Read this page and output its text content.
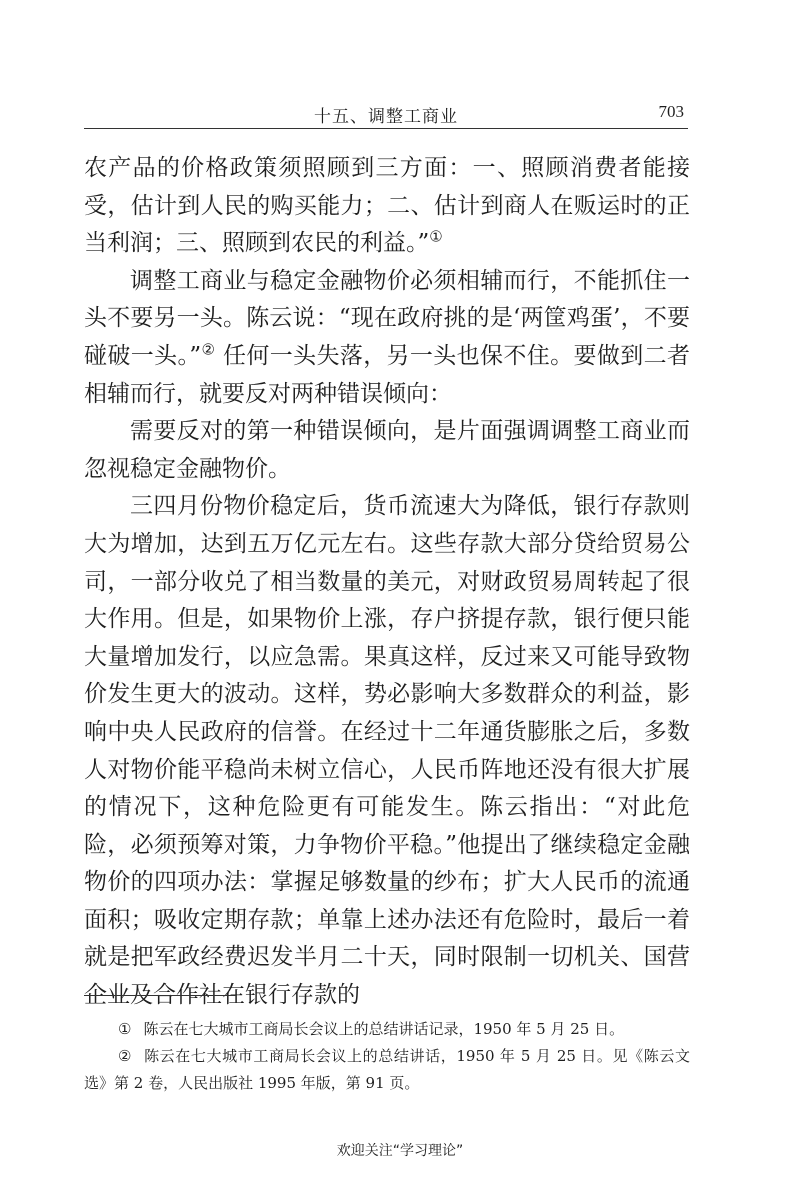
十五、调整工商业	703

农产品的价格政策须照顾到三方面：一、照顾消费者能接受，估计到人民的购买能力；二、估计到商人在贩运时的正当利润；三、照顾到农民的利益。”①

调整工商业与稳定金融物价必须相辅而行，不能抓住一头不要另一头。陈云说：“现在政府挑的是‘两筐鸡蛋’，不要碰破一头。”② 任何一头失落，另一头也保不住。要做到二者相辅而行，就要反对两种错误倾向：

需要反对的第一种错误倾向，是片面强调调整工商业而忽视稳定金融物价。

三四月份物价稳定后，货币流速大为降低，银行存款则大为增加，达到五万亿元左右。这些存款大部分贷给贸易公司，一部分收兑了相当数量的美元，对财政贸易周转起了很大作用。但是，如果物价上涨，存户挤提存款，银行便只能大量增加发行，以应急需。果真这样，反过来又可能导致物价发生更大的波动。这样，势必影响大多数群众的利益，影响中央人民政府的信誉。在经过十二年通货膨胀之后，多数人对物价能平稳尚未树立信心，人民币阵地还没有很大扩展的情况下，这种危险更有可能发生。陈云指出：“对此危险，必须预筹对策，力争物价平稳。”他提出了继续稳定金融物价的四项办法：掌握足够数量的纱布；扩大人民币的流通面积；吸收定期存款；单靠上述办法还有危险时，最后一着就是把军政经费迟发半月二十天，同时限制一切机关、国营企业及合作社在银行存款的

① 陈云在七大城市工商局长会议上的总结讲话记录，1950 年 5 月 25 日。

② 陈云在七大城市工商局长会议上的总结讲话，1950 年 5 月 25 日。见《陈云文选》第 2 卷，人民出版社 1995 年版，第 91 页。

欢迎关注“学习理论”
